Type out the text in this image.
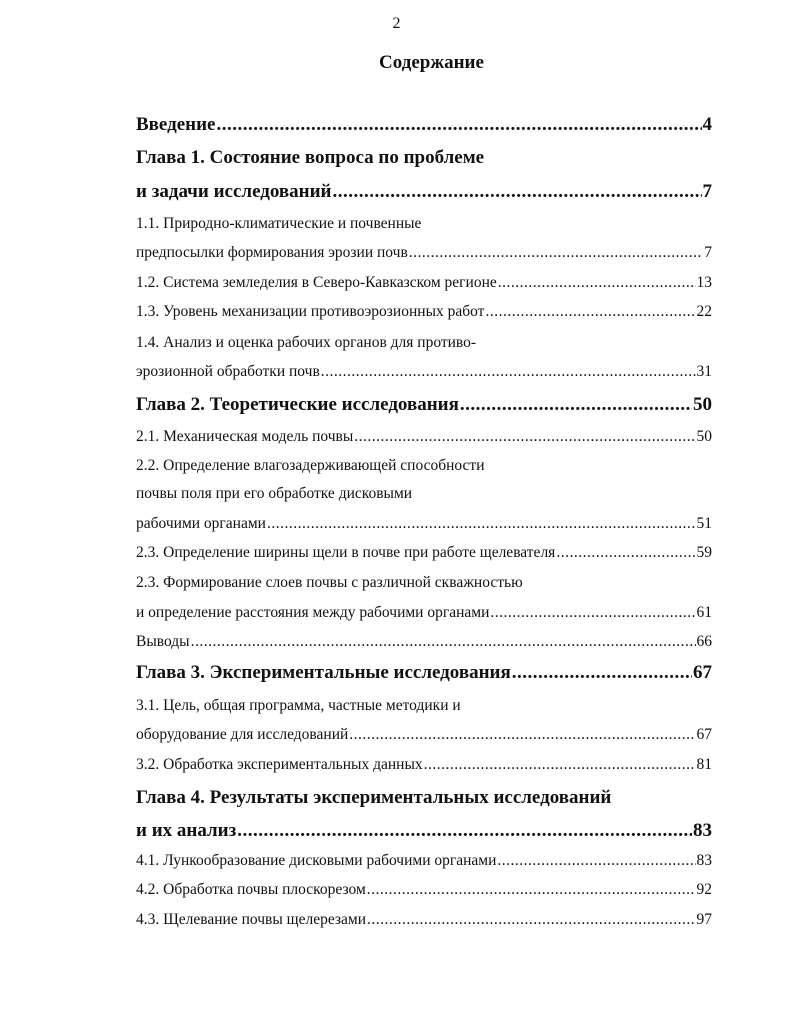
2
Содержание
Введение .....	4
Глава 1. Состояние вопроса по проблеме
и задачи исследований .....	7
1.1. Природно-климатические и почвенные
предпосылки формирования эрозии почв .....	7
1.2. Система земледелия в Северо-Кавказском регионе .....	13
1.3. Уровень механизации противоэрозионных работ .....	22
1.4. Анализ и оценка рабочих органов для противо-
эрозионной обработки почв .....	31
Глава 2. Теоретические исследования .....	50
2.1. Механическая модель почвы .....	50
2.2. Определение влагозадерживающей способности
почвы поля при его обработке дисковыми
рабочими органами .....	51
2.3. Определение ширины щели в почве при работе щелевателя .....	59
2.3. Формирование слоев почвы с различной скважностью
и определение расстояния между рабочими органами .....	61
Выводы .....	66
Глава 3. Экспериментальные исследования .....	67
3.1. Цель, общая программа, частные методики и
оборудование для исследований .....	67
3.2. Обработка экспериментальных данных .....	81
Глава 4. Результаты экспериментальных исследований
и их анализ .....	83
4.1. Лункообразование дисковыми рабочими органами .....	83
4.2. Обработка почвы плоскорезом .....	92
4.3. Щелевание почвы щелерезами .....	97
